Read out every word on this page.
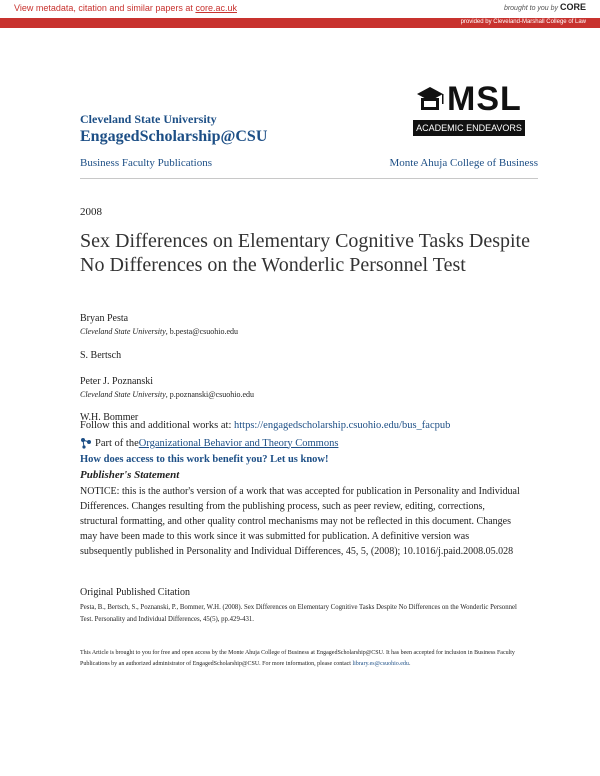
View metadata, citation and similar papers at core.ac.uk	brought to you by CORE
provided by Cleveland-Marshall College of Law
Cleveland State University
EngagedScholarship@CSU
MSL
ACADEMIC ENDEAVORS
Business Faculty Publications	Monte Ahuja College of Business
2008
Sex Differences on Elementary Cognitive Tasks Despite No Differences on the Wonderlic Personnel Test
Bryan Pesta
Cleveland State University, b.pesta@csuohio.edu
S. Bertsch
Peter J. Poznanski
Cleveland State University, p.poznanski@csuohio.edu
W.H. Bommer
Follow this and additional works at: https://engagedscholarship.csuohio.edu/bus_facpub
Part of the Organizational Behavior and Theory Commons
How does access to this work benefit you? Let us know!
Publisher's Statement
NOTICE: this is the author's version of a work that was accepted for publication in Personality and Individual Differences. Changes resulting from the publishing process, such as peer review, editing, corrections, structural formatting, and other quality control mechanisms may not be reflected in this document. Changes may have been made to this work since it was submitted for publication. A definitive version was subsequently published in Personality and Individual Differences, 45, 5, (2008); 10.1016/j.paid.2008.05.028
Original Published Citation
Pesta, B., Bertsch, S., Poznanski, P., Bommer, W.H. (2008). Sex Differences on Elementary Cognitive Tasks Despite No Differences on the Wonderlic Personnel Test. Personality and Individual Differences, 45(5), pp.429-431.
This Article is brought to you for free and open access by the Monte Ahuja College of Business at EngagedScholarship@CSU. It has been accepted for inclusion in Business Faculty Publications by an authorized administrator of EngagedScholarship@CSU. For more information, please contact library.es@csuohio.edu.
